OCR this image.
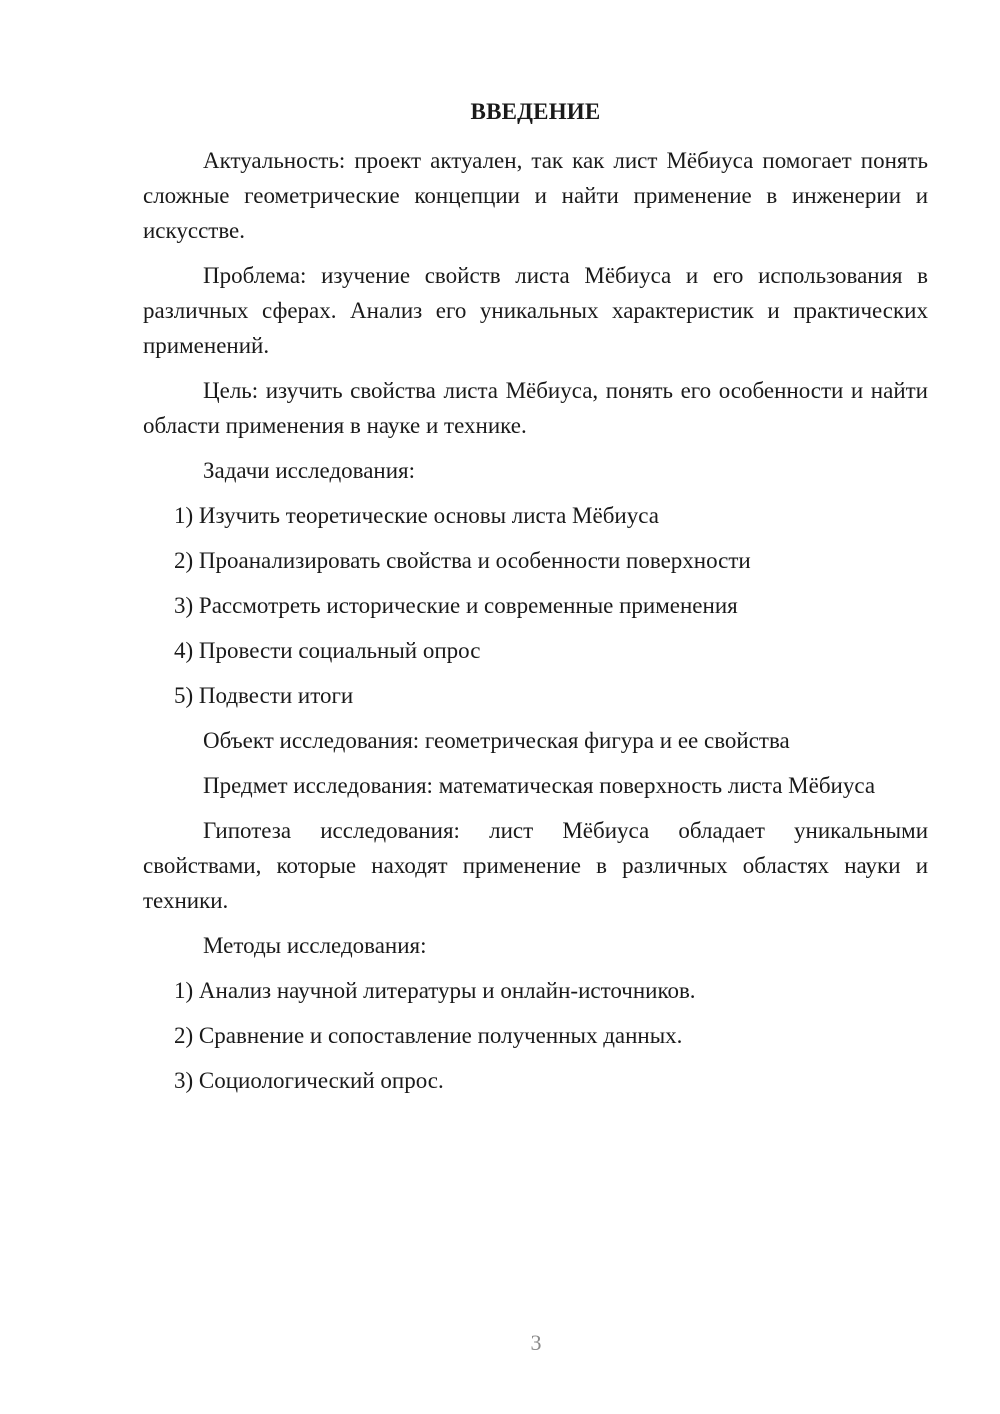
ВВЕДЕНИЕ

Актуальность: проект актуален, так как лист Мёбиуса помогает понять сложные геометрические концепции и найти применение в инженерии и искусстве.

Проблема: изучение свойств листа Мёбиуса и его использования в различных сферах. Анализ его уникальных характеристик и практических применений.

Цель: изучить свойства листа Мёбиуса, понять его особенности и найти области применения в науке и технике.

Задачи исследования:

1) Изучить теоретические основы листа Мёбиуса
2) Проанализировать свойства и особенности поверхности
3) Рассмотреть исторические и современные применения
4) Провести социальный опрос
5) Подвести итоги

Объект исследования: геометрическая фигура и ее свойства

Предмет исследования: математическая поверхность листа Мёбиуса

Гипотеза исследования: лист Мёбиуса обладает уникальными свойствами, которые находят применение в различных областях науки и техники.

Методы исследования:

1) Анализ научной литературы и онлайн-источников.
2) Сравнение и сопоставление полученных данных.
3) Социологический опрос.
3
